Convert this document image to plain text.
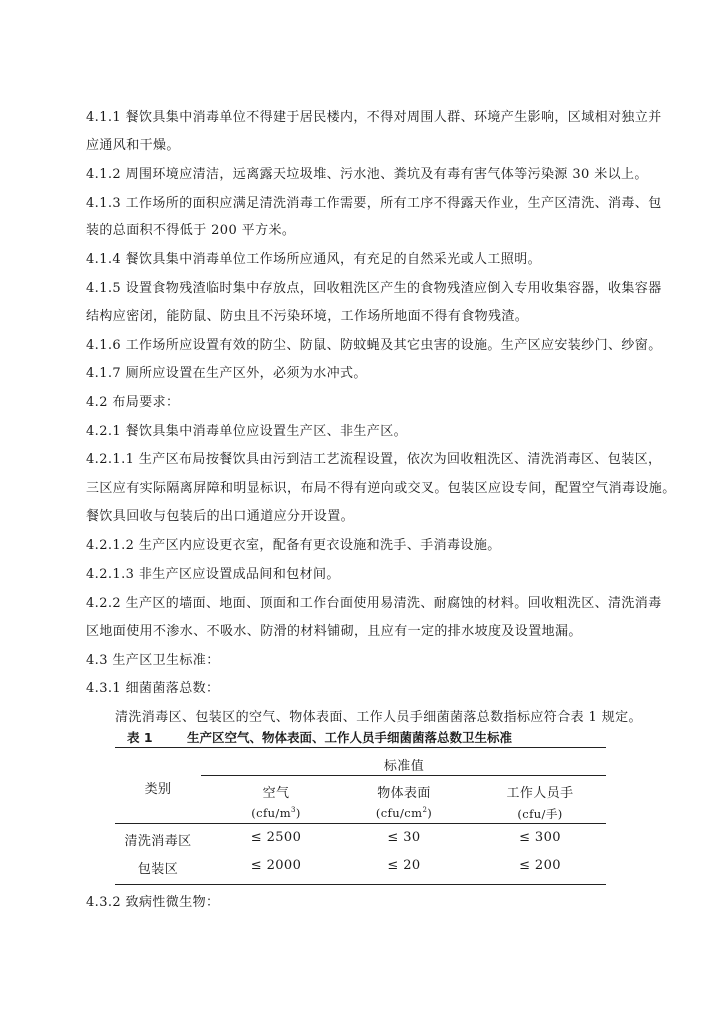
4.1.1 餐饮具集中消毒单位不得建于居民楼内，不得对周围人群、环境产生影响，区域相对独立并
应通风和干燥。
4.1.2 周围环境应清洁，远离露天垃圾堆、污水池、粪坑及有毒有害气体等污染源 30 米以上。
4.1.3 工作场所的面积应满足清洗消毒工作需要，所有工序不得露天作业，生产区清洗、消毒、包
装的总面积不得低于 200 平方米。
4.1.4 餐饮具集中消毒单位工作场所应通风，有充足的自然采光或人工照明。
4.1.5 设置食物残渣临时集中存放点，回收粗洗区产生的食物残渣应倒入专用收集容器，收集容器
结构应密闭，能防鼠、防虫且不污染环境，工作场所地面不得有食物残渣。
4.1.6 工作场所应设置有效的防尘、防鼠、防蚊蝇及其它虫害的设施。生产区应安装纱门、纱窗。
4.1.7 厕所应设置在生产区外，必须为水冲式。
4.2 布局要求：
4.2.1 餐饮具集中消毒单位应设置生产区、非生产区。
4.2.1.1 生产区布局按餐饮具由污到洁工艺流程设置，依次为回收粗洗区、清洗消毒区、包装区，
三区应有实际隔离屏障和明显标识，布局不得有逆向或交叉。包装区应设专间，配置空气消毒设施。
餐饮具回收与包装后的出口通道应分开设置。
4.2.1.2 生产区内应设更衣室，配备有更衣设施和洗手、手消毒设施。
4.2.1.3 非生产区应设置成品间和包材间。
4.2.2 生产区的墙面、地面、顶面和工作台面使用易清洗、耐腐蚀的材料。回收粗洗区、清洗消毒
区地面使用不渗水、不吸水、防滑的材料铺砌，且应有一定的排水坡度及设置地漏。
4.3 生产区卫生标准：
4.3.1 细菌菌落总数：
清洗消毒区、包装区的空气、物体表面、工作人员手细菌菌落总数指标应符合表 1 规定。
表 1	生产区空气、物体表面、工作人员手细菌菌落总数卫生标准
类别
标准值
空气	物体表面	工作人员手
$(cfu/m^3)$	$(cfu/cm^2)$	(cfu/手)
清洗消毒区	≤ 2500	≤ 30	≤ 300
包装区	≤ 2000	≤ 20	≤ 200
4.3.2 致病性微生物：
